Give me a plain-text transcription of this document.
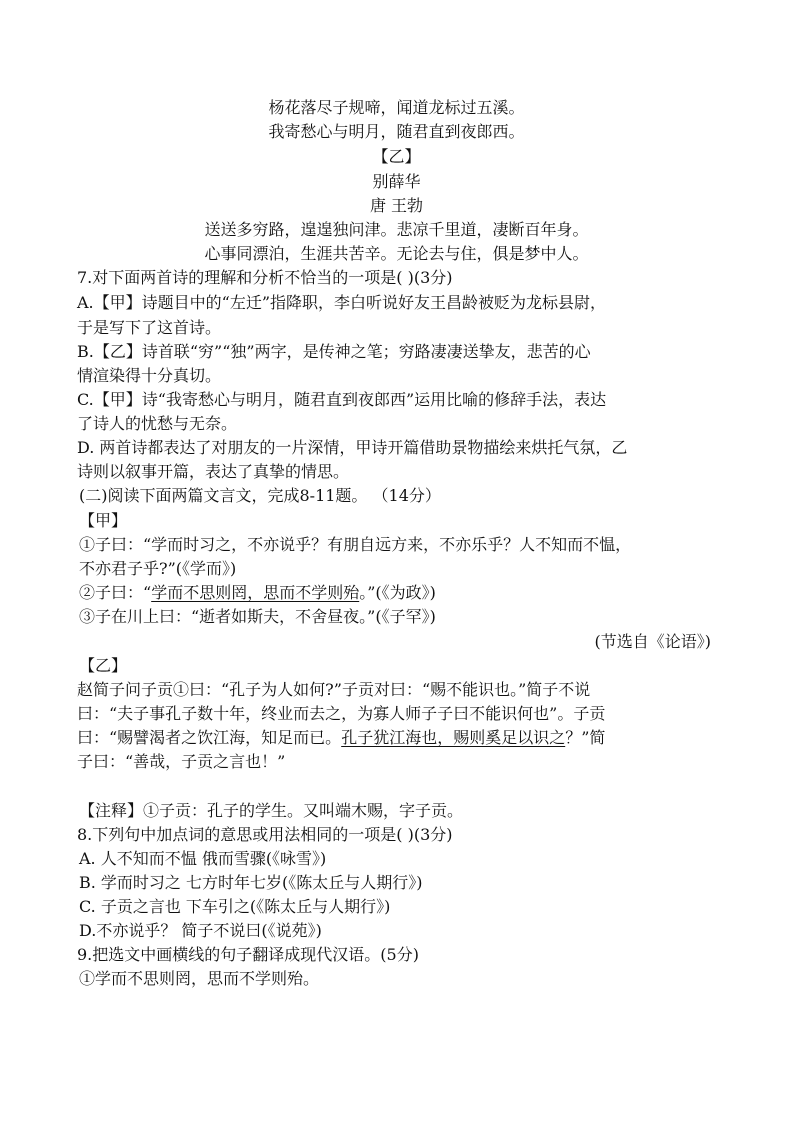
杨花落尽子规啼，闻道龙标过五溪。
我寄愁心与明月，随君直到夜郎西。
【乙】
别薛华
唐 王勃
送送多穷路，遑遑独问津。悲凉千里道，凄断百年身。
心事同漂泊，生涯共苦辛。无论去与住，俱是梦中人。
7.对下面两首诗的理解和分析不恰当的一项是( )(3分)
A.【甲】诗题目中的“左迁”指降职，李白听说好友王昌龄被贬为龙标县尉，
于是写下了这首诗。
B.【乙】诗首联“穷”“独”两字，是传神之笔；穷路凄凄送挚友，悲苦的心
情渲染得十分真切。
C.【甲】诗“我寄愁心与明月，随君直到夜郎西”运用比喻的修辞手法，表达
了诗人的忧愁与无奈。
D. 两首诗都表达了对朋友的一片深情，甲诗开篇借助景物描绘来烘托气氛，乙
诗则以叙事开篇，表达了真挚的情思。
(二)阅读下面两篇文言文，完成8-11题。 （14分）
【甲】
①子曰：“学而时习之，不亦说乎？有朋自远方来，不亦乐乎？人不知而不愠，
不亦君子乎?”(《学而》)
②子曰：“学而不思则罔，思而不学则殆。”(《为政》)
③子在川上曰：“逝者如斯夫，不舍昼夜。”(《子罕》)
(节选自《论语》)
【乙】
赵简子问子贡①曰：“孔子为人如何?”子贡对曰：“赐不能识也。”简子不说
曰：“夫子事孔子数十年，终业而去之，为寡人师子子曰不能识何也”。子贡
曰：“赐譬渴者之饮江海，知足而已。孔子犹江海也，赐则奚足以识之？”简
子曰：“善哉，子贡之言也！”
【注释】①子贡：孔子的学生。又叫端木赐，字子贡。
8.下列句中加点词的意思或用法相同的一项是( )(3分)
A. 人不知而不愠 俄而雪骤(《咏雪》)
B. 学而时习之 七方时年七岁(《陈太丘与人期行》)
C. 子贡之言也 下车引之(《陈太丘与人期行》)
D.不亦说乎？ 简子不说曰(《说苑》)
9.把选文中画横线的句子翻译成现代汉语。(5分)
①学而不思则罔，思而不学则殆。
